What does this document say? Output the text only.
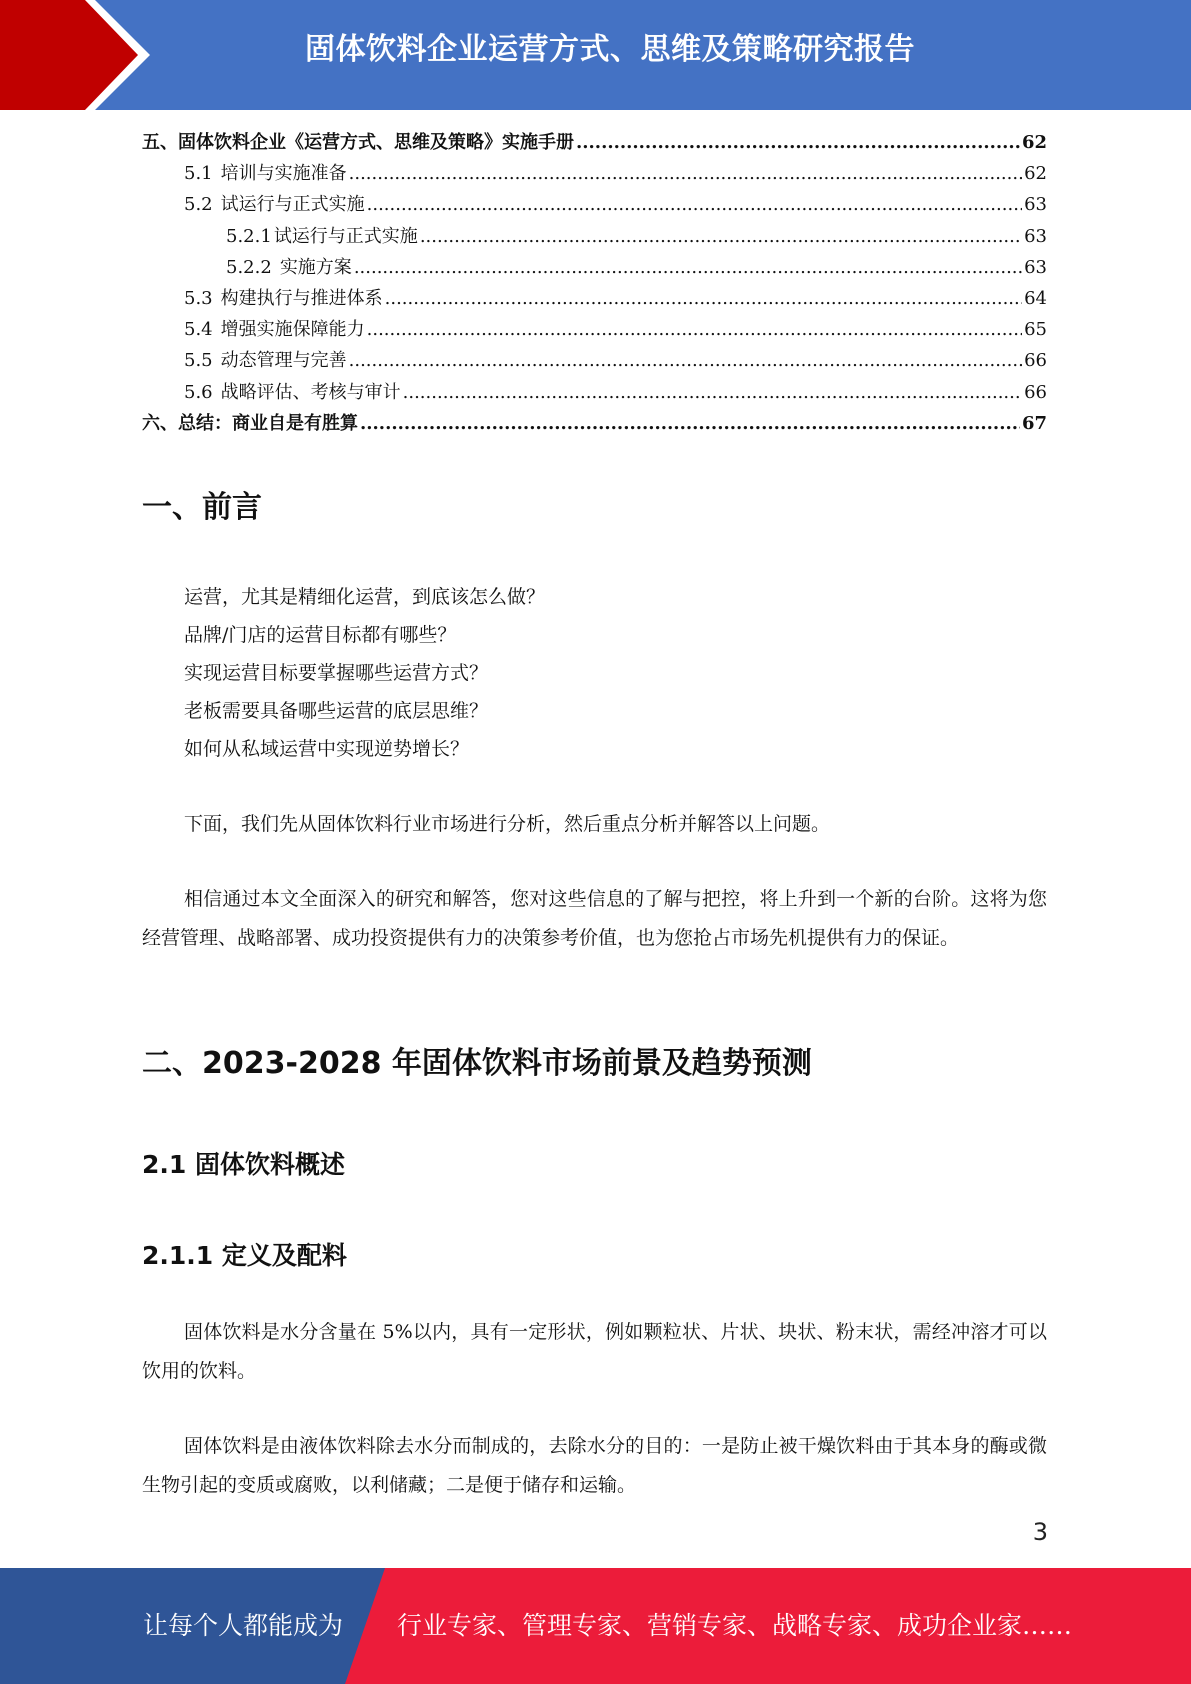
固体饮料企业运营方式、思维及策略研究报告
五、固体饮料企业《运营方式、思维及策略》实施手册 .....	62
5.1 培训与实施准备 .....	62
5.2 试运行与正式实施 .....	63
5.2.1 试运行与正式实施 .....	63
5.2.2 实施方案 .....	63
5.3 构建执行与推进体系 .....	64
5.4 增强实施保障能力 .....	65
5.5 动态管理与完善 .....	66
5.6 战略评估、考核与审计 .....	66
六、总结：商业自是有胜算 .....	67
一、前言
运营，尤其是精细化运营，到底该怎么做？
品牌/门店的运营目标都有哪些？
实现运营目标要掌握哪些运营方式？
老板需要具备哪些运营的底层思维？
如何从私域运营中实现逆势增长？
下面，我们先从固体饮料行业市场进行分析，然后重点分析并解答以上问题。
相信通过本文全面深入的研究和解答，您对这些信息的了解与把控，将上升到一个新的台阶。这将为您经营管理、战略部署、成功投资提供有力的决策参考价值，也为您抢占市场先机提供有力的保证。
二、2023-2028 年固体饮料市场前景及趋势预测
2.1 固体饮料概述
2.1.1 定义及配料
固体饮料是水分含量在 5%以内，具有一定形状，例如颗粒状、片状、块状、粉末状，需经冲溶才可以饮用的饮料。
固体饮料是由液体饮料除去水分而制成的，去除水分的目的：一是防止被干燥饮料由于其本身的酶或微生物引起的变质或腐败，以利储藏；二是便于储存和运输。
3
让每个人都能成为 行业专家、管理专家、营销专家、战略专家、成功企业家……
